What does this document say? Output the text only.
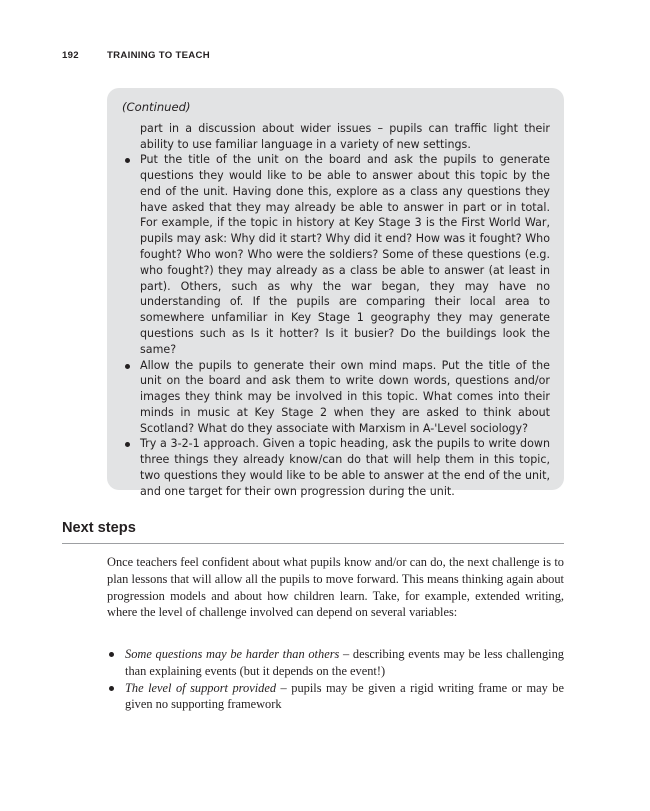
192	TRAINING TO TEACH
(Continued)
part in a discussion about wider issues – pupils can traffic light their ability to use familiar language in a variety of new settings.
Put the title of the unit on the board and ask the pupils to generate questions they would like to be able to answer about this topic by the end of the unit. Having done this, explore as a class any questions they have asked that they may already be able to answer in part or in total. For example, if the topic in history at Key Stage 3 is the First World War, pupils may ask: Why did it start? Why did it end? How was it fought? Who fought? Who won? Who were the soldiers? Some of these questions (e.g. who fought?) they may already as a class be able to answer (at least in part). Others, such as why the war began, they may have no understanding of. If the pupils are comparing their local area to somewhere unfamiliar in Key Stage 1 geography they may generate questions such as Is it hotter? Is it busier? Do the buildings look the same?
Allow the pupils to generate their own mind maps. Put the title of the unit on the board and ask them to write down words, questions and/or images they think may be involved in this topic. What comes into their minds in music at Key Stage 2 when they are asked to think about Scotland? What do they associate with Marxism in A-'Level sociology?
Try a 3-2-1 approach. Given a topic heading, ask the pupils to write down three things they already know/can do that will help them in this topic, two questions they would like to be able to answer at the end of the unit, and one target for their own progression during the unit.
Next steps
Once teachers feel confident about what pupils know and/or can do, the next challenge is to plan lessons that will allow all the pupils to move forward. This means thinking again about progression models and about how children learn. Take, for example, extended writing, where the level of challenge involved can depend on several variables:
Some questions may be harder than others – describing events may be less challenging than explaining events (but it depends on the event!)
The level of support provided – pupils may be given a rigid writing frame or may be given no supporting framework
